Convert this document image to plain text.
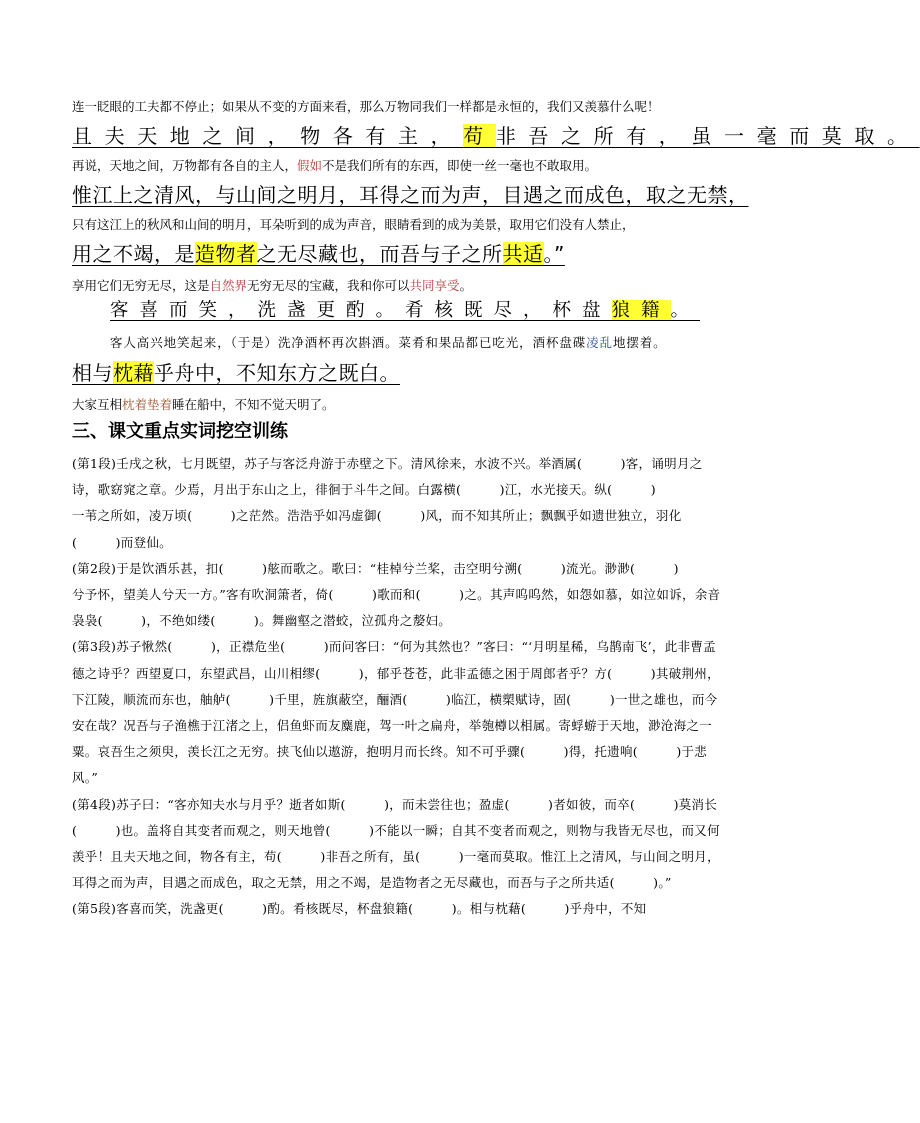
连一眨眼的工夫都不停止；如果从不变的方面来看，那么万物同我们一样都是永恒的，我们又羡慕什么呢！
且夫天地之间，物各有主，苟非吾之所有，虽一毫而莫取。
再说，天地之间，万物都有各自的主人，假如不是我们所有的东西，即使一丝一毫也不敢取用。
惟江上之清风，与山间之明月，耳得之而为声，目遇之而成色，取之无禁，
只有这江上的秋风和山间的明月，耳朵听到的成为声音，眼睛看到的成为美景，取用它们没有人禁止，
用之不竭，是造物者之无尽藏也，而吾与子之所共适。”
享用它们无穷无尽，这是自然界无穷无尽的宝藏，我和你可以共同享受。
客喜而笑，洗盏更酌。肴核既尽，杯盘狼籍。
客人高兴地笑起来，（于是）洗净酒杯再次斟酒。菜肴和果品都已吃光，酒杯盘碟凌乱地摆着。
相与枕藉乎舟中，不知东方之既白。
大家互相枕着垫着睡在船中，不知不觉天明了。
三、课文重点实词挖空训练

(第1段)壬戌之秋，七月既望，苏子与客泛舟游于赤壁之下。清风徐来，水波不兴。举酒属(　　　)客，诵明月之诗，歌窈窕之章。少焉，月出于东山之上，徘徊于斗牛之间。白露横(　　　)江，水光接天。纵(　　　)

一苇之所如，凌万顷(　　　)之茫然。浩浩乎如冯虚御(　　　)风，而不知其所止；飘飘乎如遗世独立，羽化(　　　)而登仙。

(第2段)于是饮酒乐甚，扣(　　　)舷而歌之。歌曰：“桂棹兮兰桨，击空明兮溯(　　　)流光。渺渺(　　　)

兮予怀，望美人兮天一方。”客有吹洞箫者，倚(　　　)歌而和(　　　)之。其声呜呜然，如怨如慕，如泣如诉，余音袅袅(　　　)，不绝如缕(　　　)。舞幽壑之潜蛟，泣孤舟之嫠妇。

(第3段)苏子愀然(　　　)，正襟危坐(　　　)而问客曰：“何为其然也？”客曰：“‘月明星稀，乌鹊南飞’，此非曹孟德之诗乎？西望夏口，东望武昌，山川相缪(　　　)，郁乎苍苍，此非孟德之困于周郎者乎？方(　　　)其破荆州，下江陵，顺流而东也，舳舻(　　　)千里，旌旗蔽空，酾酒(　　　)临江，横槊赋诗，固(　　　)一世之雄也，而今安在哉？况吾与子渔樵于江渚之上，侣鱼虾而友麋鹿，驾一叶之扁舟，举匏樽以相属。寄蜉蝣于天地，渺沧海之一粟。哀吾生之须臾，羡长江之无穷。挟飞仙以遨游，抱明月而长终。知不可乎骤(　　　)得，托遗响(　　　)于悲风。”

(第4段)苏子曰：“客亦知夫水与月乎？逝者如斯(　　　)，而未尝往也；盈虚(　　　)者如彼，而卒(　　　)莫消长(　　　)也。盖将自其变者而观之，则天地曾(　　　)不能以一瞬；自其不变者而观之，则物与我皆无尽也，而又何羡乎！且夫天地之间，物各有主，苟(　　　)非吾之所有，虽(　　　)一毫而莫取。惟江上之清风，与山间之明月，耳得之而为声，目遇之而成色，取之无禁，用之不竭，是造物者之无尽藏也，而吾与子之所共适(　　　)。”

(第5段)客喜而笑，洗盏更(　　　)酌。肴核既尽，杯盘狼籍(　　　)。相与枕藉(　　　)乎舟中，不知
